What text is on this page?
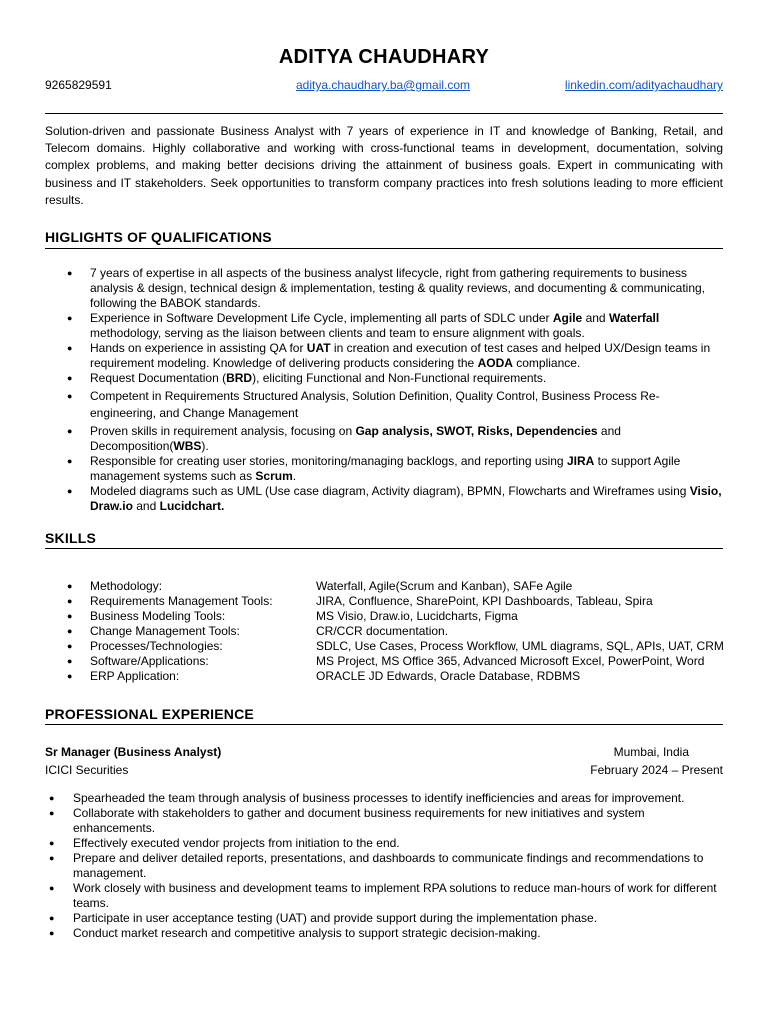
ADITYA CHAUDHARY
9265829591	aditya.chaudhary.ba@gmail.com	linkedin.com/adityachaudhary

Solution-driven and passionate Business Analyst with 7 years of experience in IT and knowledge of Banking, Retail, and Telecom domains. Highly collaborative and working with cross-functional teams in development, documentation, solving complex problems, and making better decisions driving the attainment of business goals. Expert in communicating with business and IT stakeholders. Seek opportunities to transform company practices into fresh solutions leading to more efficient results.

HIGLIGHTS OF QUALIFICATIONS
● 7 years of expertise in all aspects of the business analyst lifecycle, right from gathering requirements to business analysis & design, technical design & implementation, testing & quality reviews, and documenting & communicating, following the BABOK standards.
● Experience in Software Development Life Cycle, implementing all parts of SDLC under Agile and Waterfall methodology, serving as the liaison between clients and team to ensure alignment with goals.
● Hands on experience in assisting QA for UAT in creation and execution of test cases and helped UX/Design teams in requirement modeling. Knowledge of delivering products considering the AODA compliance.
● Request Documentation (BRD), eliciting Functional and Non-Functional requirements.
● Competent in Requirements Structured Analysis, Solution Definition, Quality Control, Business Process Re-engineering, and Change Management
● Proven skills in requirement analysis, focusing on Gap analysis, SWOT, Risks, Dependencies and Decomposition(WBS).
● Responsible for creating user stories, monitoring/managing backlogs, and reporting using JIRA to support Agile management systems such as Scrum.
● Modeled diagrams such as UML (Use case diagram, Activity diagram), BPMN, Flowcharts and Wireframes using Visio, Draw.io and Lucidchart.
SKILLS
● Methodology:	Waterfall, Agile(Scrum and Kanban), SAFe Agile
● Requirements Management Tools:	JIRA, Confluence, SharePoint, KPI Dashboards, Tableau, Spira
● Business Modeling Tools:	MS Visio, Draw.io, Lucidcharts, Figma
● Change Management Tools:	CR/CCR documentation.
● Processes/Technologies:	SDLC, Use Cases, Process Workflow, UML diagrams, SQL, APIs, UAT, CRM
● Software/Applications:	MS Project, MS Office 365, Advanced Microsoft Excel, PowerPoint, Word
● ERP Application:	ORACLE JD Edwards, Oracle Database, RDBMS
PROFESSIONAL EXPERIENCE
Sr Manager (Business Analyst)	Mumbai, India
ICICI Securities	February 2024 – Present
● Spearheaded the team through analysis of business processes to identify inefficiencies and areas for improvement.
● Collaborate with stakeholders to gather and document business requirements for new initiatives and system enhancements.
● Effectively executed vendor projects from initiation to the end.
● Prepare and deliver detailed reports, presentations, and dashboards to communicate findings and recommendations to management.
● Work closely with business and development teams to implement RPA solutions to reduce man-hours of work for different teams.
● Participate in user acceptance testing (UAT) and provide support during the implementation phase.
● Conduct market research and competitive analysis to support strategic decision-making.
